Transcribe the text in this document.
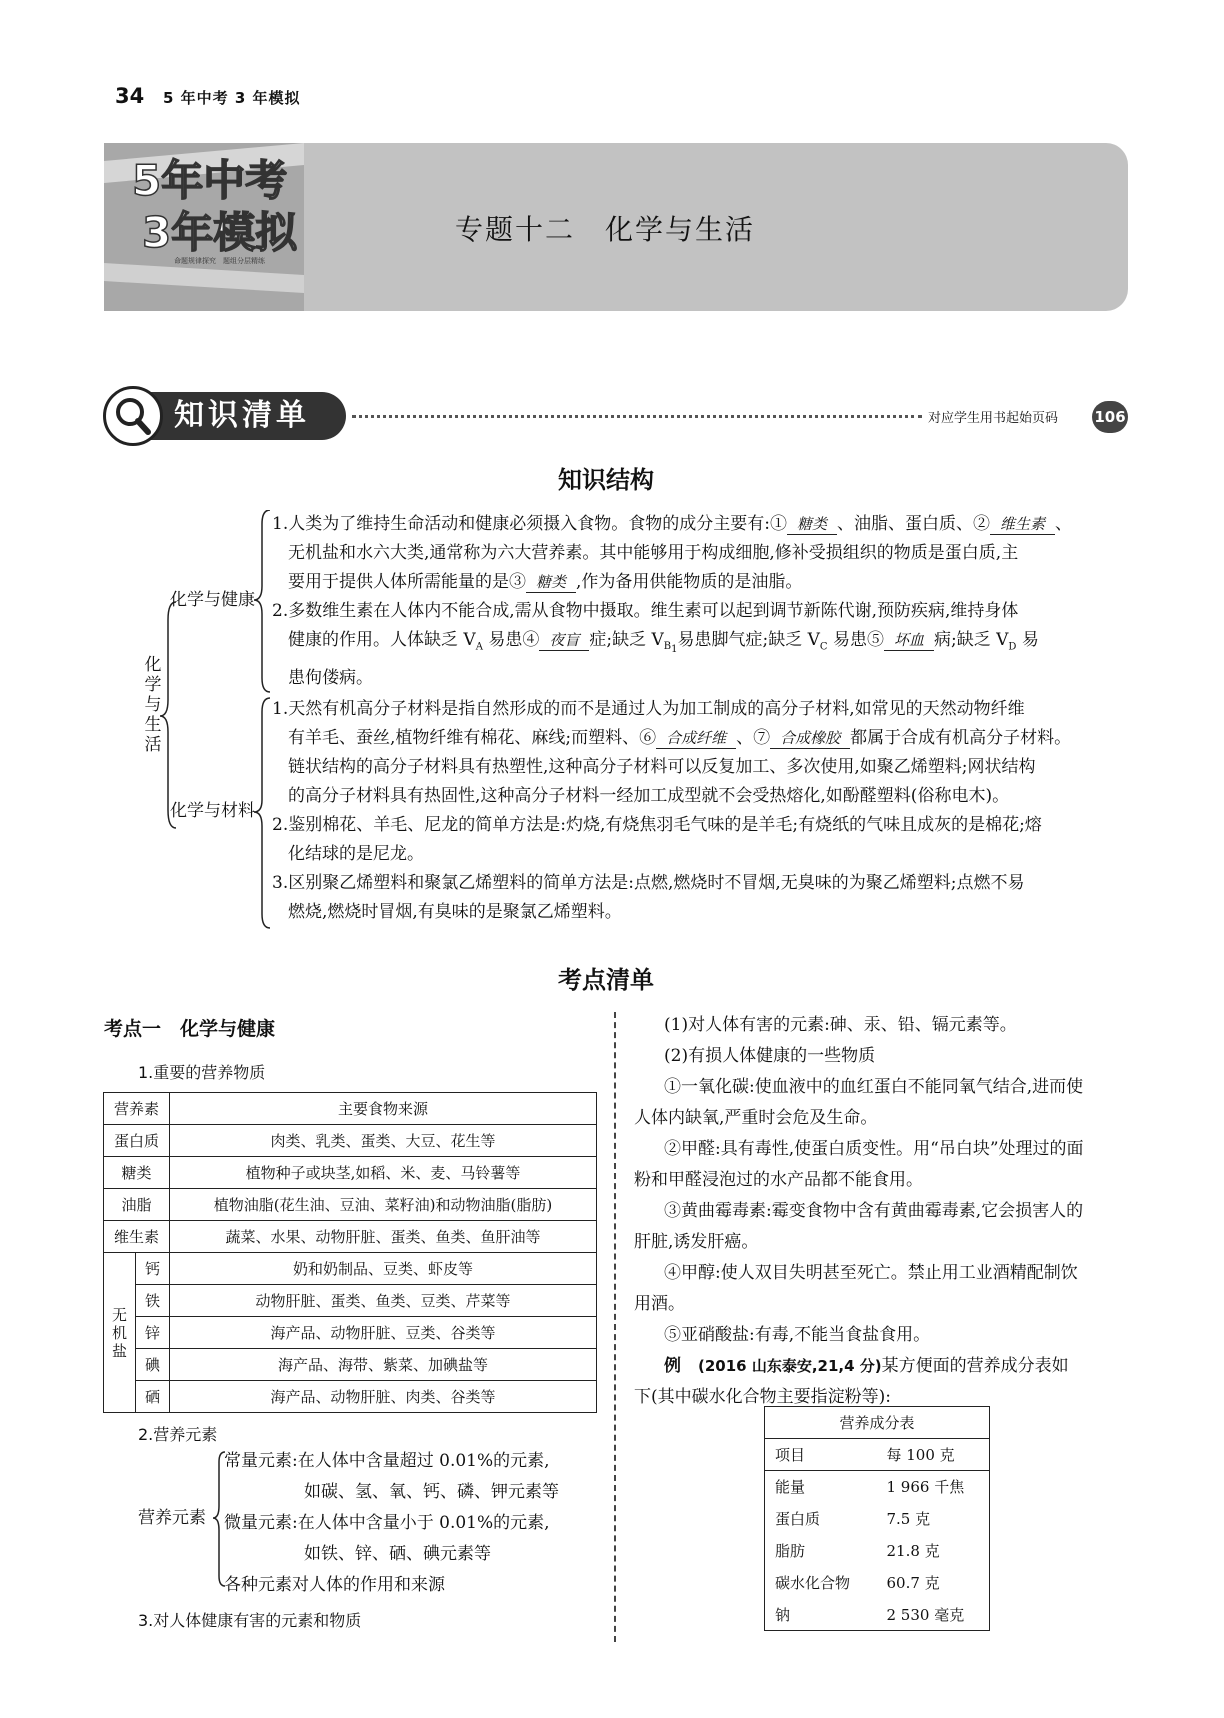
34 5 年中考 3 年模拟
5年中考
3年模拟
命题规律探究　题组分层精练
专题十二　化学与生活
知识清单	对应学生用书起始页码 106
知识结构
化
学
与
生
活
化学与健康
化学与材料
1.人类为了维持生命活动和健康必须摄入食物。食物的成分主要有:① 糖类 、油脂、蛋白质、② 维生素 、
无机盐和水六大类,通常称为六大营养素。其中能够用于构成细胞,修补受损组织的物质是蛋白质,主
要用于提供人体所需能量的是③ 糖类 ,作为备用供能物质的是油脂。
2.多数维生素在人体内不能合成,需从食物中摄取。维生素可以起到调节新陈代谢,预防疾病,维持身体
健康的作用。人体缺乏 $V_A$ 易患④ 夜盲 症;缺乏 $V_{B_1}$易患脚气症;缺乏 $V_C$ 易患⑤ 坏血 病;缺乏 $V_D$ 易
患佝偻病。
1.天然有机高分子材料是指自然形成的而不是通过人为加工制成的高分子材料,如常见的天然动物纤维
有羊毛、蚕丝,植物纤维有棉花、麻线;而塑料、⑥ 合成纤维 、⑦ 合成橡胶 都属于合成有机高分子材料。
链状结构的高分子材料具有热塑性,这种高分子材料可以反复加工、多次使用,如聚乙烯塑料;网状结构
的高分子材料具有热固性,这种高分子材料一经加工成型就不会受热熔化,如酚醛塑料(俗称电木)。
2.鉴别棉花、羊毛、尼龙的简单方法是:灼烧,有烧焦羽毛气味的是羊毛;有烧纸的气味且成灰的是棉花;熔
化结球的是尼龙。
3.区别聚乙烯塑料和聚氯乙烯塑料的简单方法是:点燃,燃烧时不冒烟,无臭味的为聚乙烯塑料;点燃不易
燃烧,燃烧时冒烟,有臭味的是聚氯乙烯塑料。
考点清单
考点一　化学与健康
1.重要的营养物质
营养素		主要食物来源
蛋白质		肉类、乳类、蛋类、大豆、花生等
糖类		植物种子或块茎,如稻、米、麦、马铃薯等
油脂		植物油脂(花生油、豆油、菜籽油)和动物油脂(脂肪)
维生素		蔬菜、水果、动物肝脏、蛋类、鱼类、鱼肝油等
无
机
盐	钙	奶和奶制品、豆类、虾皮等
	铁	动物肝脏、蛋类、鱼类、豆类、芹菜等
	锌	海产品、动物肝脏、豆类、谷类等
	碘	海产品、海带、紫菜、加碘盐等
	硒	海产品、动物肝脏、肉类、谷类等
2.营养元素
营养元素
常量元素:在人体中含量超过 0.01%的元素,
如碳、氢、氧、钙、磷、钾元素等
微量元素:在人体中含量小于 0.01%的元素,
如铁、锌、硒、碘元素等
各种元素对人体的作用和来源
3.对人体健康有害的元素和物质
(1)对人体有害的元素:砷、汞、铅、镉元素等。
(2)有损人体健康的一些物质
①一氧化碳:使血液中的血红蛋白不能同氧气结合,进而使
人体内缺氧,严重时会危及生命。
②甲醛:具有毒性,使蛋白质变性。用“吊白块”处理过的面
粉和甲醛浸泡过的水产品都不能食用。
③黄曲霉毒素:霉变食物中含有黄曲霉毒素,它会损害人的
肝脏,诱发肝癌。
④甲醇:使人双目失明甚至死亡。禁止用工业酒精配制饮
用酒。
⑤亚硝酸盐:有毒,不能当食盐食用。
例　 (2016 山东泰安,21,4 分)某方便面的营养成分表如
下(其中碳水化合物主要指淀粉等):
营养成分表	
项目	每 100 克
能量	1 966 千焦
蛋白质	7.5 克
脂肪	21.8 克
碳水化合物	60.7 克
钠	2 530 毫克
